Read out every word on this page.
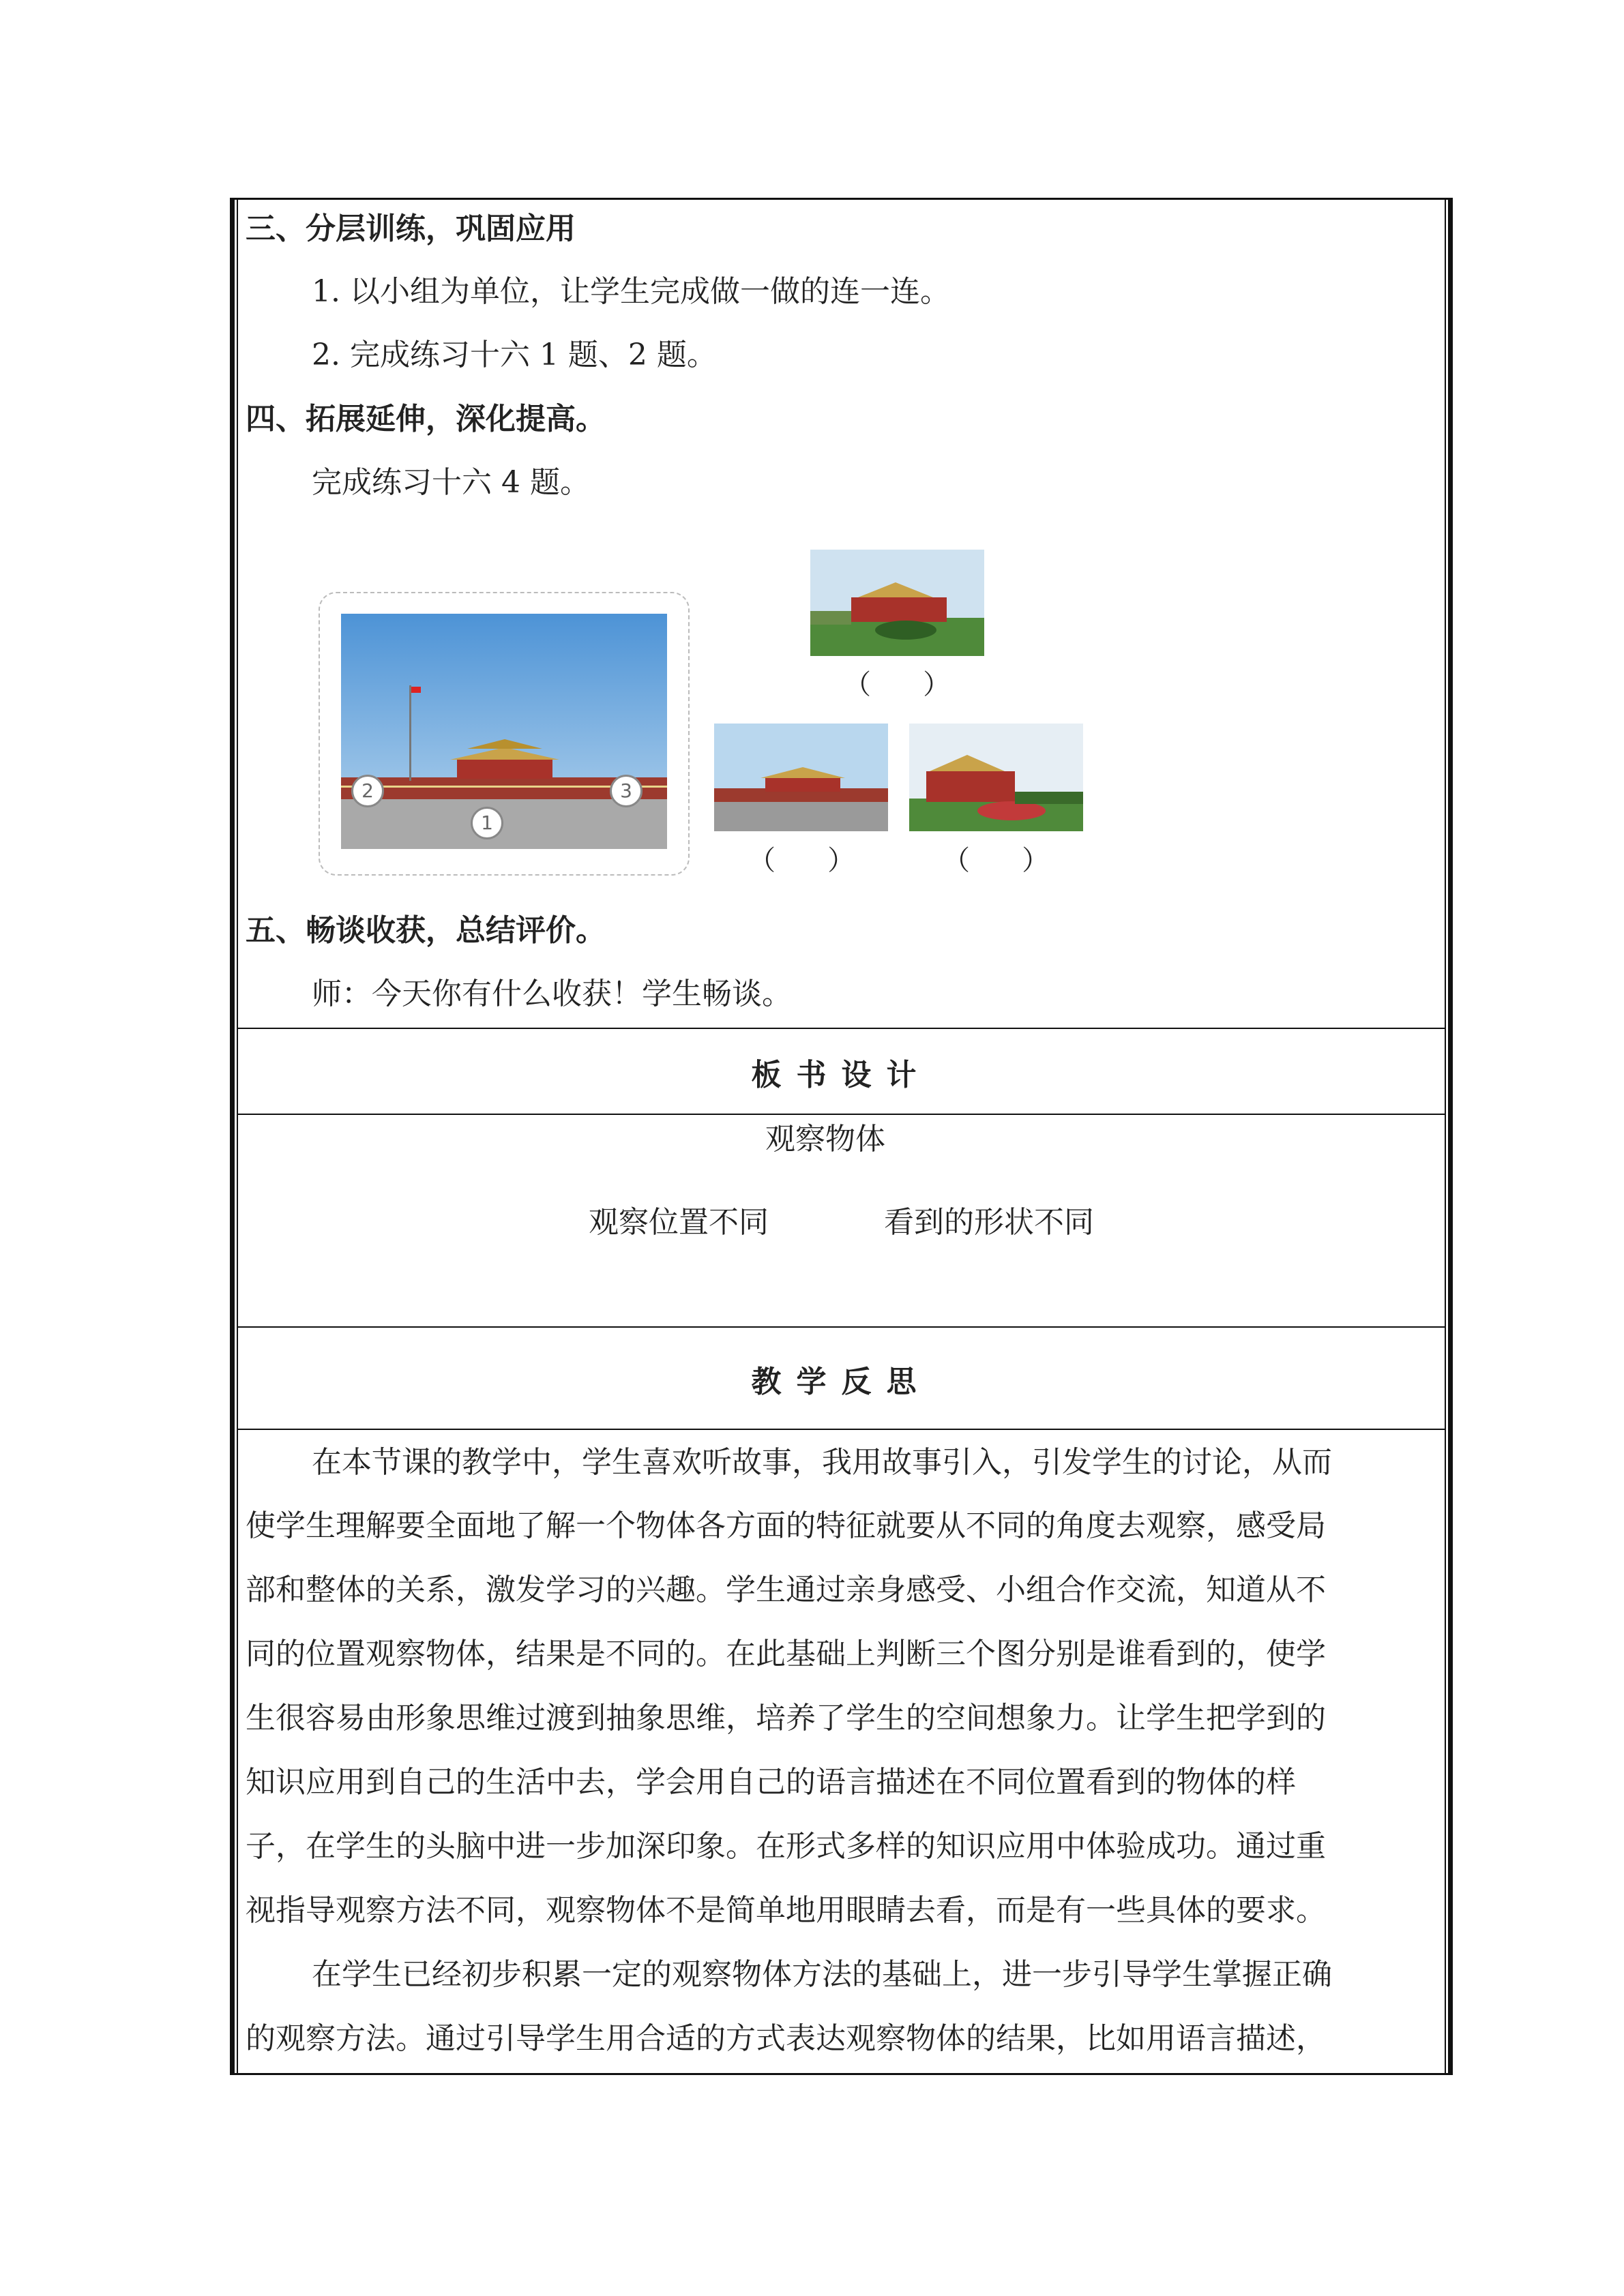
三、分层训练，巩固应用
1. 以小组为单位，让学生完成做一做的连一连。
2. 完成练习十六 1 题、2 题。
四、拓展延伸，深化提高。
完成练习十六 4 题。
1
2	3
（      ）
（      ）	（      ）
五、畅谈收获，总结评价。
师：今天你有什么收获！学生畅谈。
板书设计
观察物体
观察位置不同	看到的形状不同
教学反思
在本节课的教学中，学生喜欢听故事，我用故事引入，引发学生的讨论，从而
使学生理解要全面地了解一个物体各方面的特征就要从不同的角度去观察，感受局
部和整体的关系，激发学习的兴趣。学生通过亲身感受、小组合作交流，知道从不
同的位置观察物体，结果是不同的。在此基础上判断三个图分别是谁看到的，使学
生很容易由形象思维过渡到抽象思维，培养了学生的空间想象力。让学生把学到的
知识应用到自己的生活中去，学会用自己的语言描述在不同位置看到的物体的样
子，在学生的头脑中进一步加深印象。在形式多样的知识应用中体验成功。通过重
视指导观察方法不同，观察物体不是简单地用眼睛去看，而是有一些具体的要求。
在学生已经初步积累一定的观察物体方法的基础上，进一步引导学生掌握正确
的观察方法。通过引导学生用合适的方式表达观察物体的结果，比如用语言描述，
